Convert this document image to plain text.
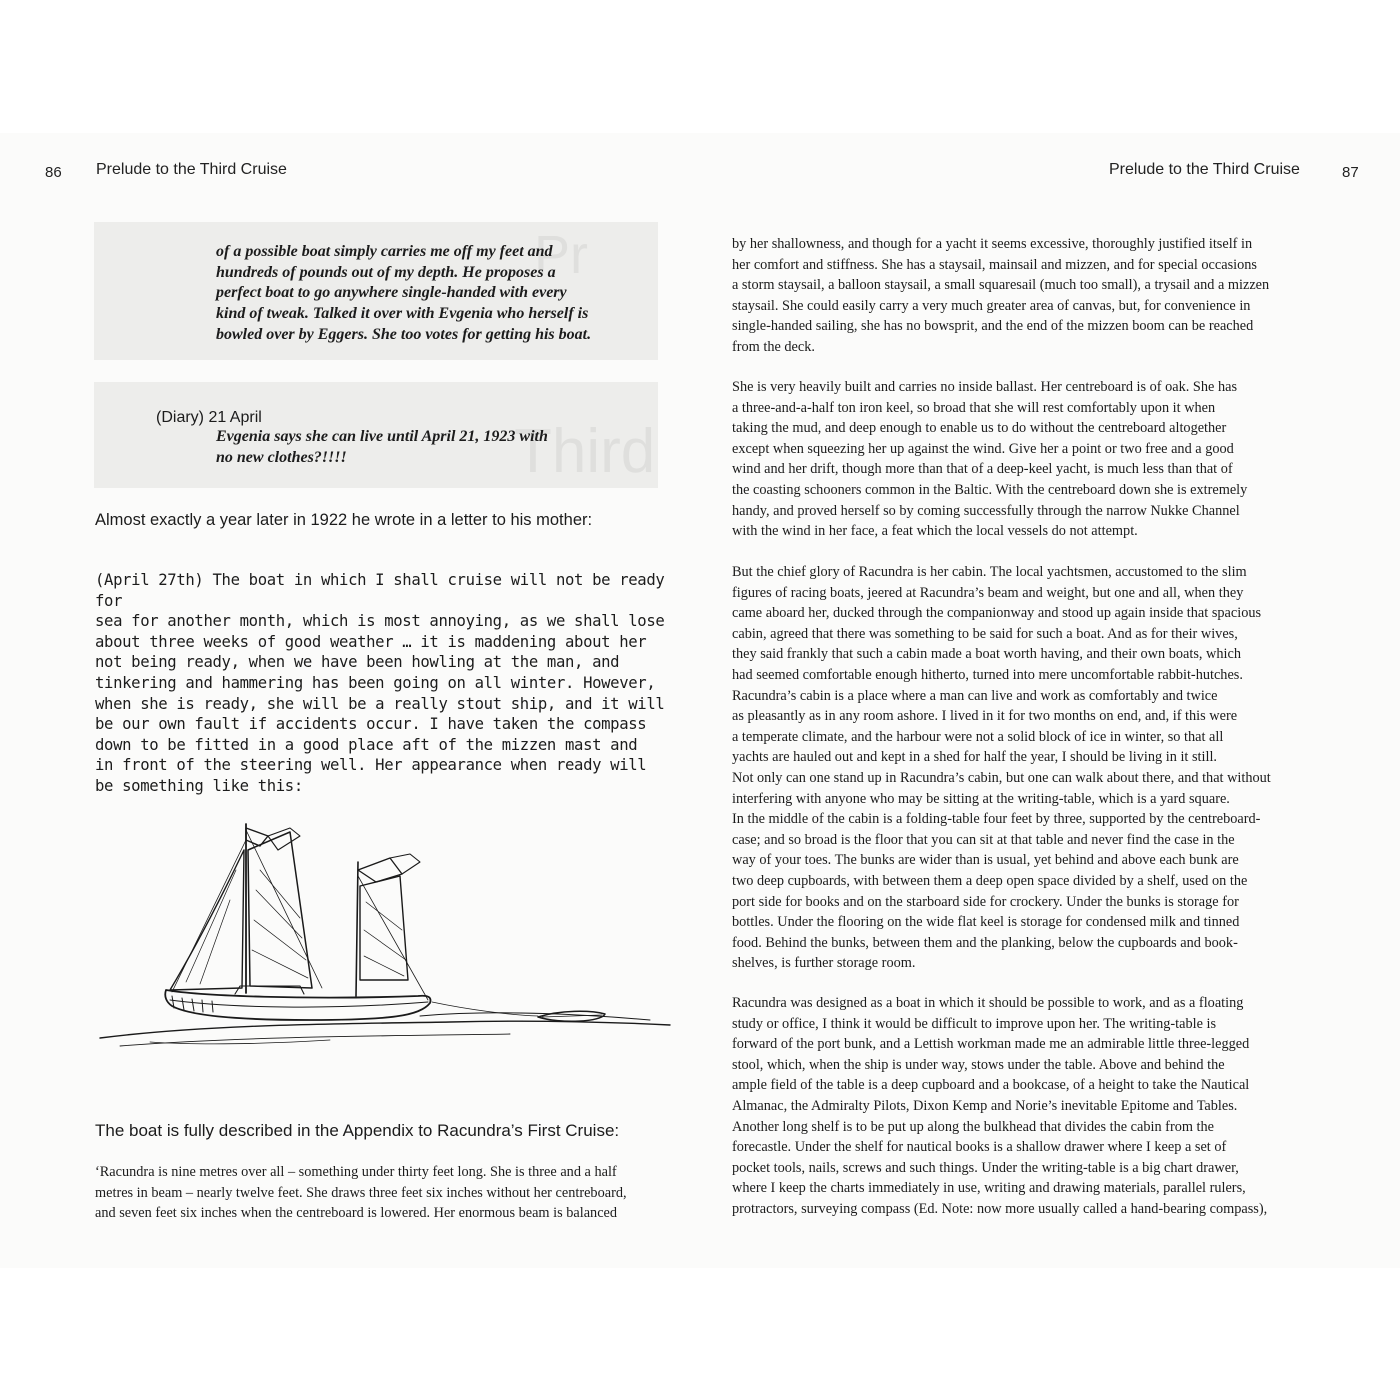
86 Prelude to the Third Cruise
Pr

of a possible boat simply carries me off my feet and

hundreds of pounds out of my depth. He proposes a

perfect boat to go anywhere single-handed with every

kind of tweak. Talked it over with Evgenia who herself is

bowled over by Eggers. She too votes for getting his boat.

Third

(Diary) 21 April

Evgenia says she can live until April 21, 1923 with

no new clothes?!!!!

Almost exactly a year later in 1922 he wrote in a letter to his mother:

(April 27th) The boat in which I shall cruise will not be ready for

sea for another month, which is most annoying, as we shall lose

about three weeks of good weather … it is maddening about her

not being ready, when we have been howling at the man, and

tinkering and hammering has been going on all winter. However,

when she is ready, she will be a really stout ship, and it will

be our own fault if accidents occur. I have taken the compass

down to be fitted in a good place aft of the mizzen mast and

in front of the steering well. Her appearance when ready will

be something like this:

The boat is fully described in the Appendix to Racundra’s First Cruise:

‘Racundra is nine metres over all – something under thirty feet long. She is three and a half

metres in beam – nearly twelve feet. She draws three feet six inches without her centreboard,

and seven feet six inches when the centreboard is lowered. Her enormous beam is balanced

Prelude to the Third Cruise	87

by her shallowness, and though for a yacht it seems excessive, thoroughly justified itself in

her comfort and stiffness. She has a staysail, mainsail and mizzen, and for special occasions

a storm staysail, a balloon staysail, a small squaresail (much too small), a trysail and a mizzen

staysail. She could easily carry a very much greater area of canvas, but, for convenience in

single-handed sailing, she has no bowsprit, and the end of the mizzen boom can be reached

from the deck.

She is very heavily built and carries no inside ballast. Her centreboard is of oak. She has

a three-and-a-half ton iron keel, so broad that she will rest comfortably upon it when

taking the mud, and deep enough to enable us to do without the centreboard altogether

except when squeezing her up against the wind. Give her a point or two free and a good

wind and her drift, though more than that of a deep-keel yacht, is much less than that of

the coasting schooners common in the Baltic. With the centreboard down she is extremely

handy, and proved herself so by coming successfully through the narrow Nukke Channel

with the wind in her face, a feat which the local vessels do not attempt.

But the chief glory of Racundra is her cabin. The local yachtsmen, accustomed to the slim

figures of racing boats, jeered at Racundra’s beam and weight, but one and all, when they

came aboard her, ducked through the companionway and stood up again inside that spacious

cabin, agreed that there was something to be said for such a boat. And as for their wives,

they said frankly that such a cabin made a boat worth having, and their own boats, which

had seemed comfortable enough hitherto, turned into mere uncomfortable rabbit-hutches.

Racundra’s cabin is a place where a man can live and work as comfortably and twice

as pleasantly as in any room ashore. I lived in it for two months on end, and, if this were

a temperate climate, and the harbour were not a solid block of ice in winter, so that all

yachts are hauled out and kept in a shed for half the year, I should be living in it still.

Not only can one stand up in Racundra’s cabin, but one can walk about there, and that without

interfering with anyone who may be sitting at the writing-table, which is a yard square.

In the middle of the cabin is a folding-table four feet by three, supported by the centreboard-

case; and so broad is the floor that you can sit at that table and never find the case in the

way of your toes. The bunks are wider than is usual, yet behind and above each bunk are

two deep cupboards, with between them a deep open space divided by a shelf, used on the

port side for books and on the starboard side for crockery. Under the bunks is storage for

bottles. Under the flooring on the wide flat keel is storage for condensed milk and tinned

food. Behind the bunks, between them and the planking, below the cupboards and book-

shelves, is further storage room.

Racundra was designed as a boat in which it should be possible to work, and as a floating

study or office, I think it would be difficult to improve upon her. The writing-table is

forward of the port bunk, and a Lettish workman made me an admirable little three-legged

stool, which, when the ship is under way, stows under the table. Above and behind the

ample field of the table is a deep cupboard and a bookcase, of a height to take the Nautical

Almanac, the Admiralty Pilots, Dixon Kemp and Norie’s inevitable Epitome and Tables.

Another long shelf is to be put up along the bulkhead that divides the cabin from the

forecastle. Under the shelf for nautical books is a shallow drawer where I keep a set of

pocket tools, nails, screws and such things. Under the writing-table is a big chart drawer,

where I keep the charts immediately in use, writing and drawing materials, parallel rulers,

protractors, surveying compass (Ed. Note: now more usually called a hand-bearing compass),
